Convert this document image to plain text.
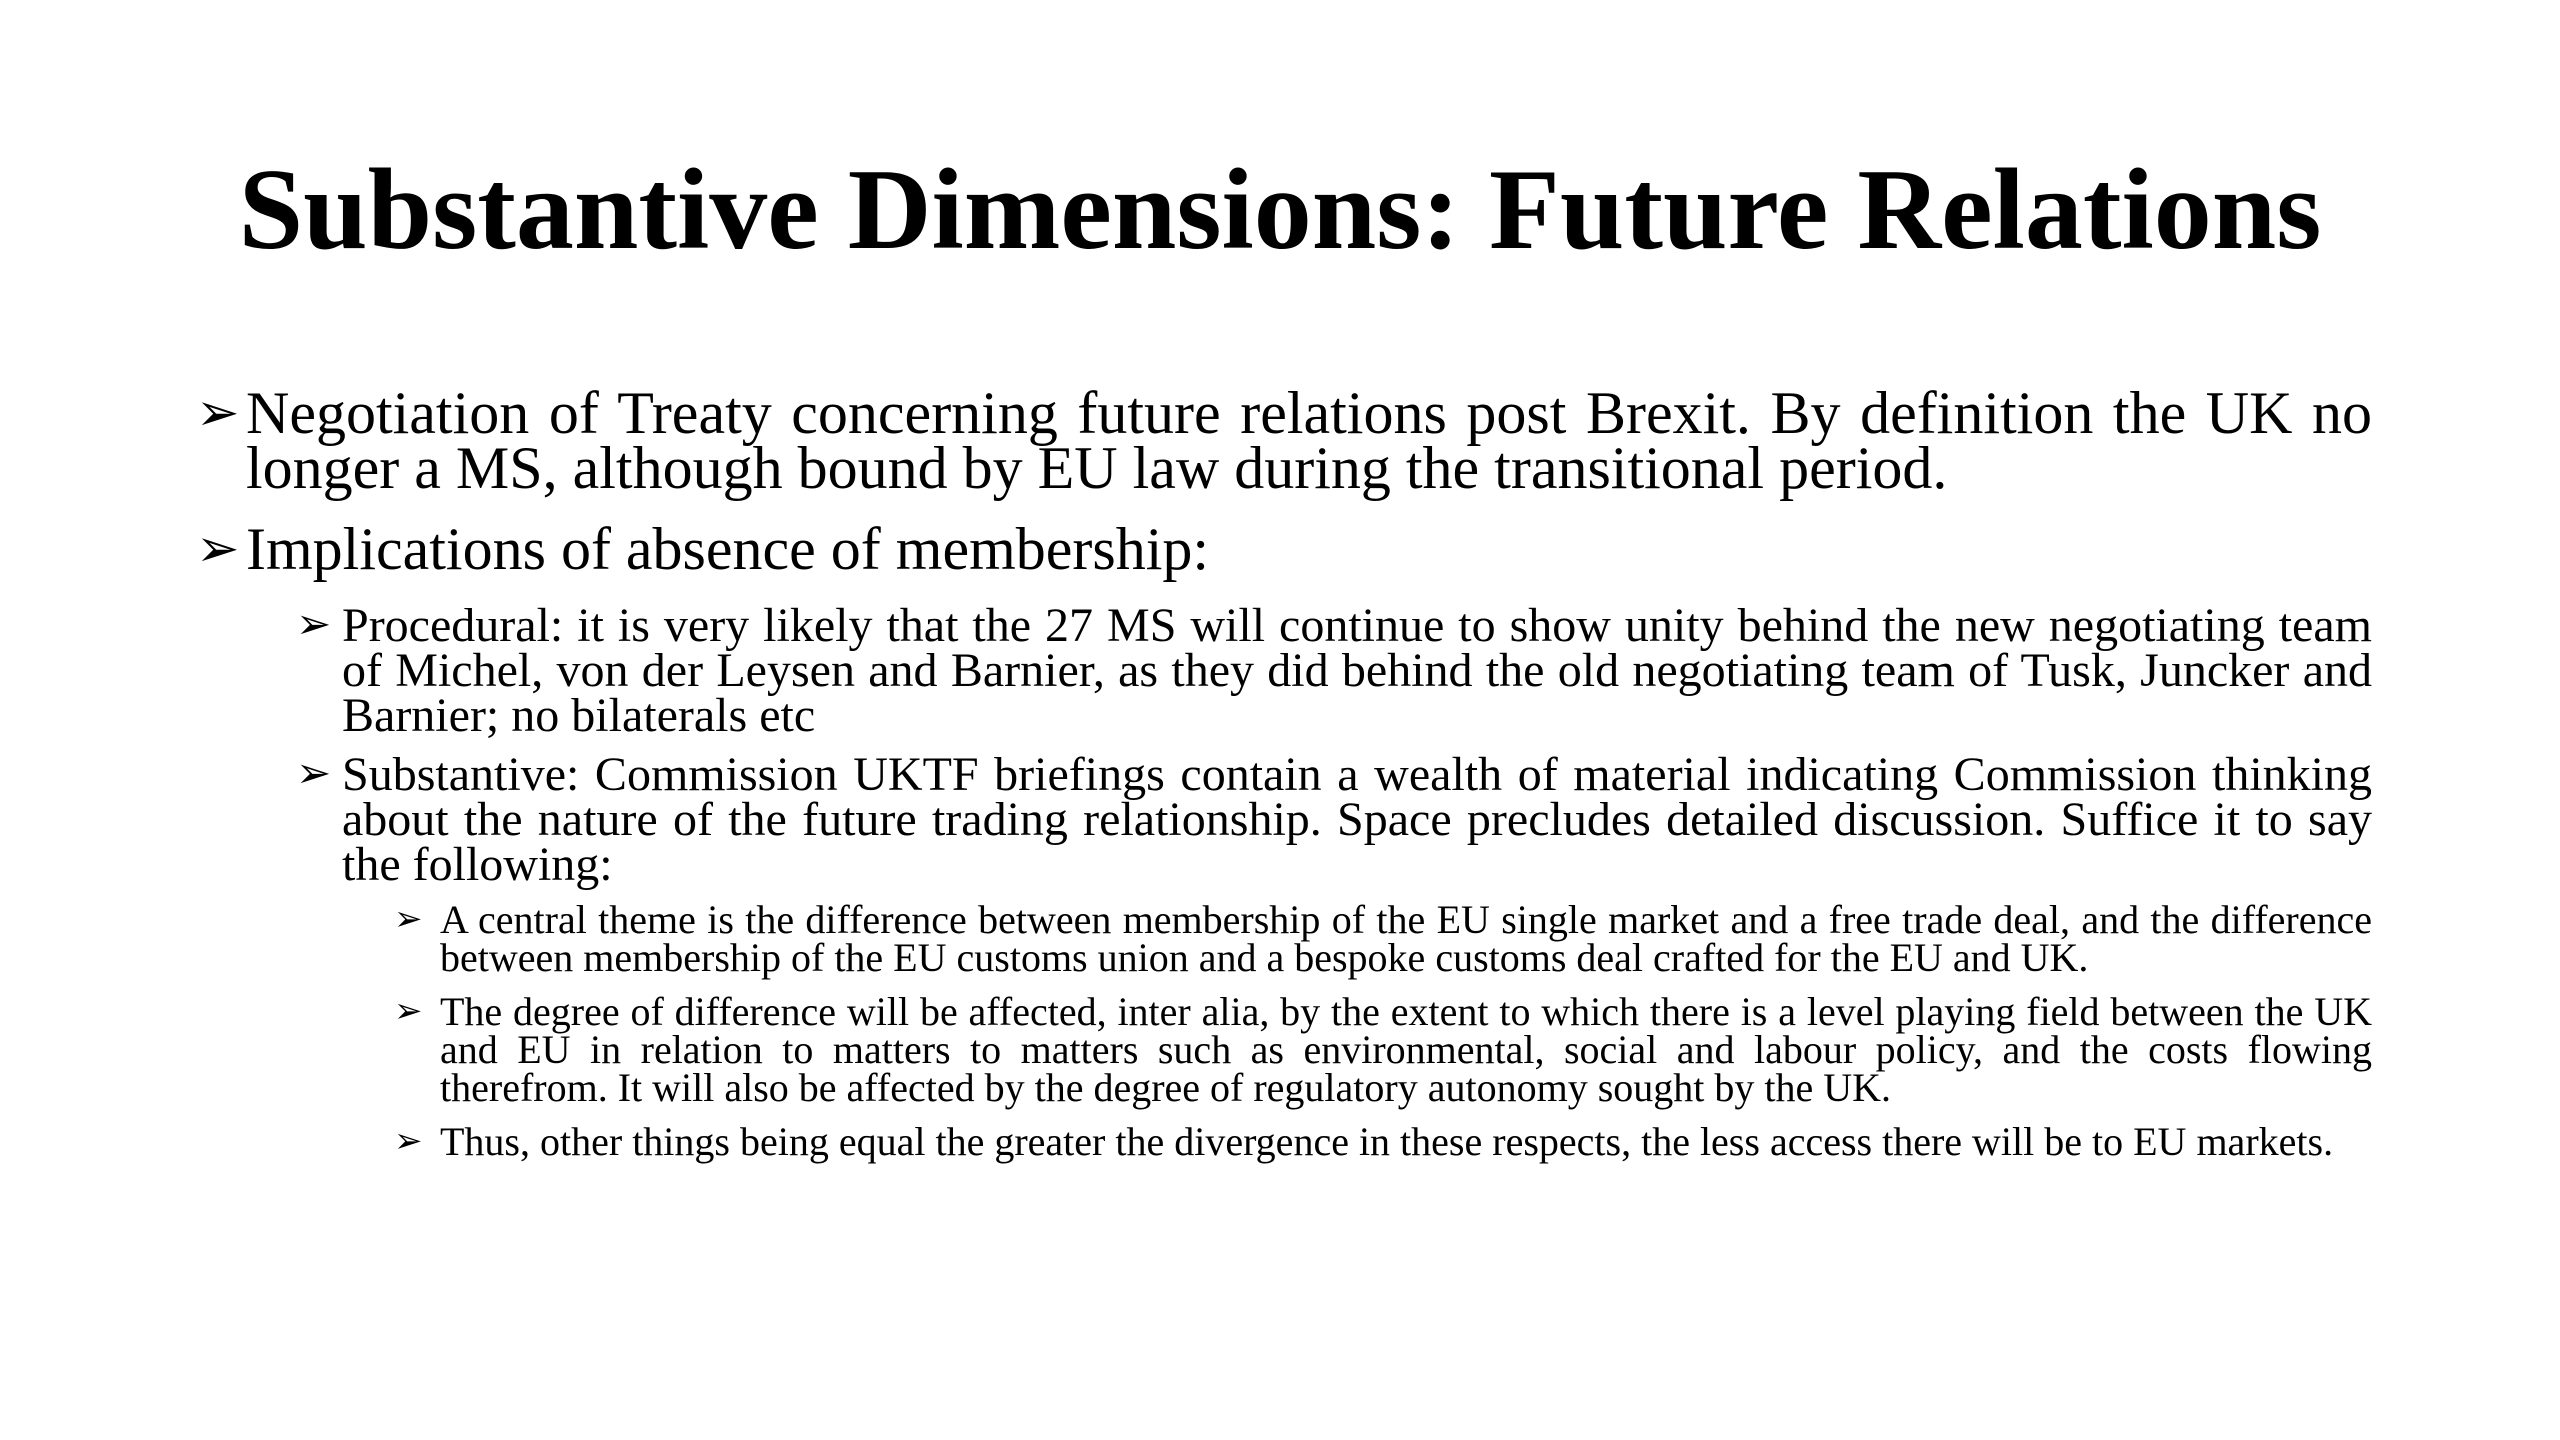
Substantive Dimensions: Future Relations
➢ Negotiation of Treaty concerning future relations post Brexit. By definition the UK no longer a MS, although bound by EU law during the transitional period.
➢ Implications of absence of membership:
➢ Procedural: it is very likely that the 27 MS will continue to show unity behind the new negotiating team of Michel, von der Leysen and Barnier, as they did behind the old negotiating team of Tusk, Juncker and Barnier; no bilaterals etc
➢ Substantive: Commission UKTF briefings contain a wealth of material indicating Commission thinking about the nature of the future trading relationship. Space precludes detailed discussion. Suffice it to say the following:
➢ A central theme is the difference between membership of the EU single market and a free trade deal, and the difference between membership of the EU customs union and a bespoke customs deal crafted for the EU and UK.
➢ The degree of difference will be affected, inter alia, by the extent to which there is a level playing field between the UK and EU in relation to matters to matters such as environmental, social and labour policy, and the costs flowing therefrom. It will also be affected by the degree of regulatory autonomy sought by the UK.
➢ Thus, other things being equal the greater the divergence in these respects, the less access there will be to EU markets.
